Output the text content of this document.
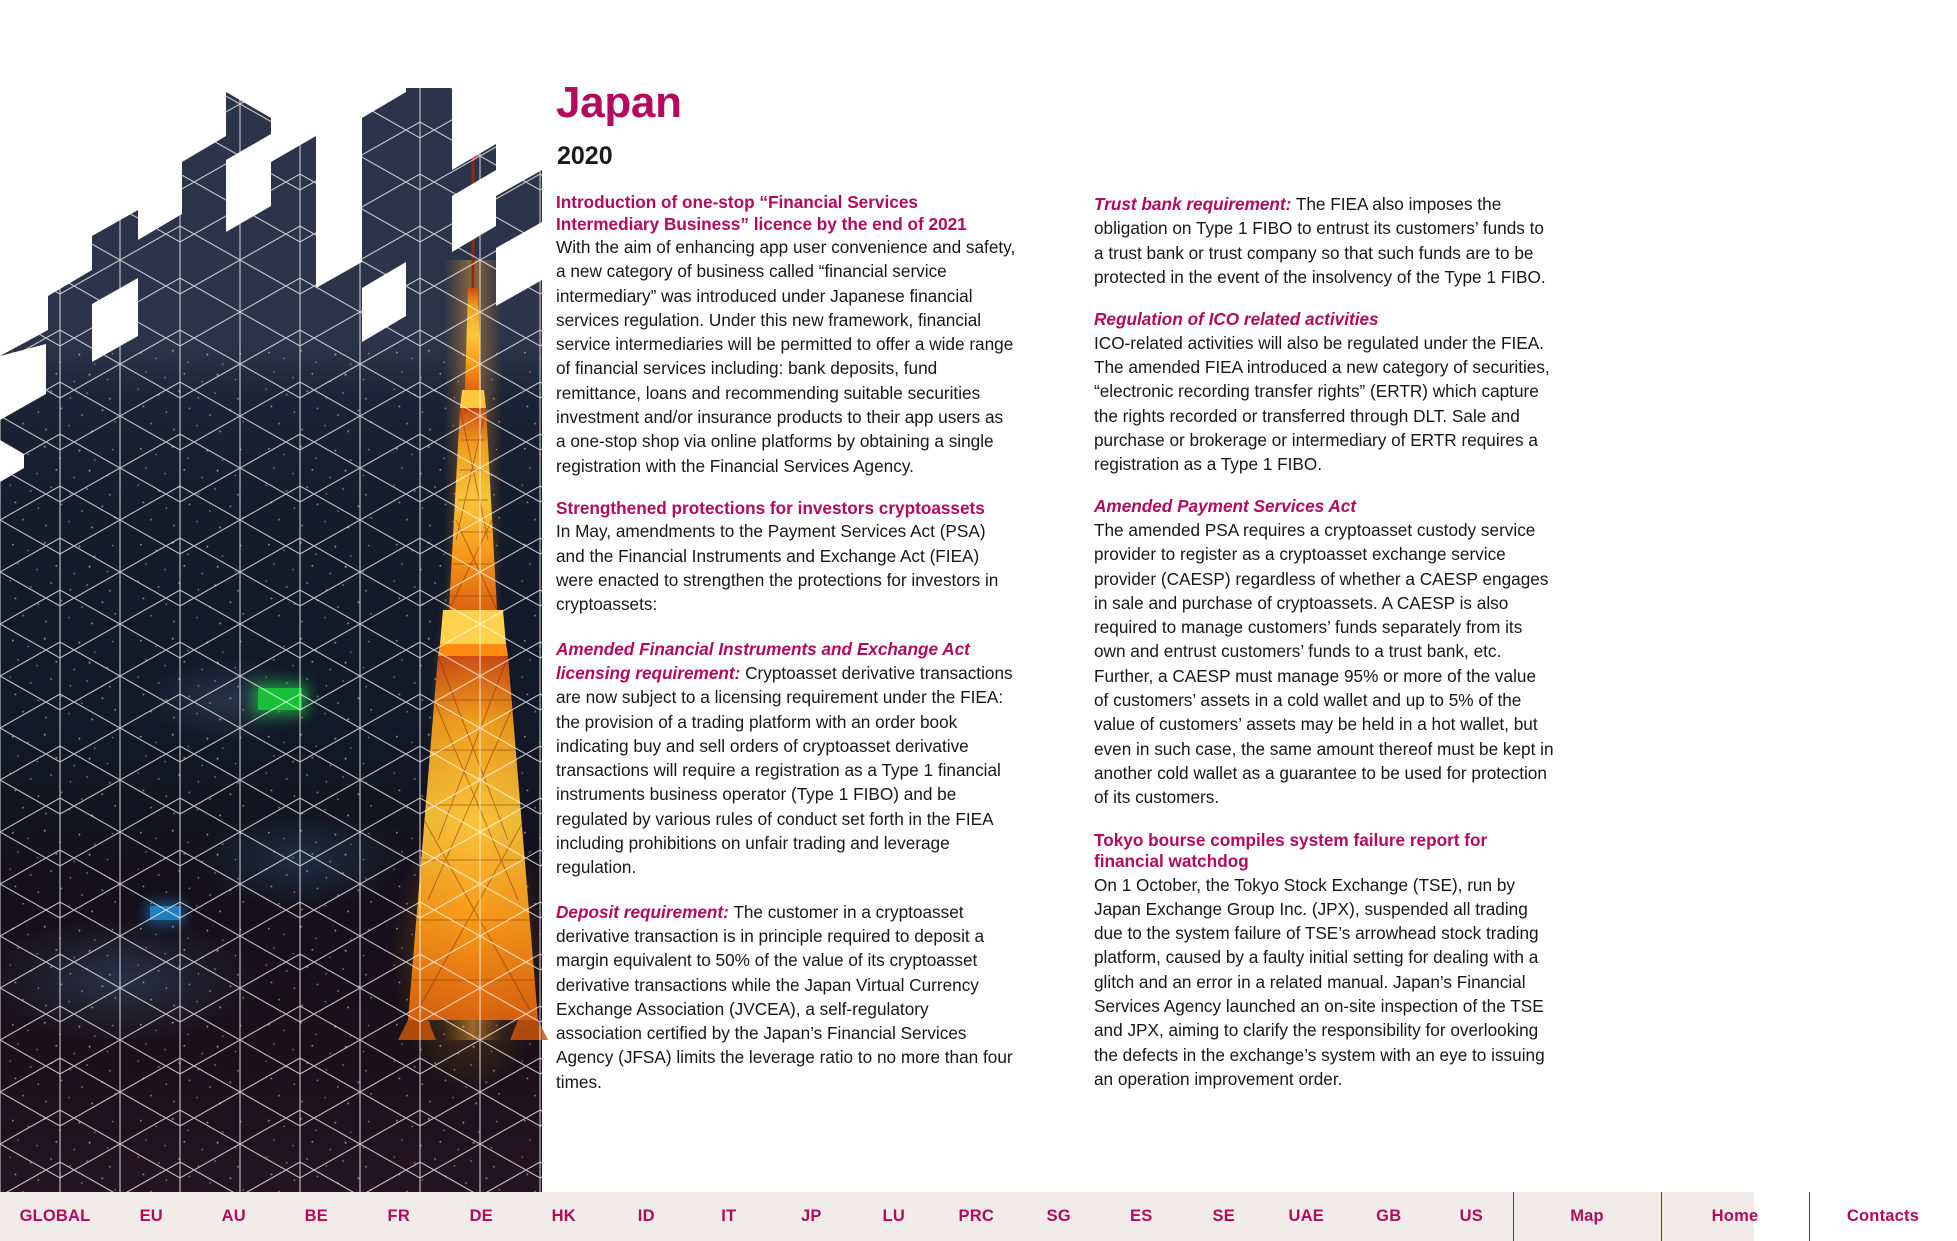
Japan
2020
Introduction of one-stop “Financial Services Intermediary Business” licence by the end of 2021

With the aim of enhancing app user convenience and safety, a new category of business called “financial service intermediary” was introduced under Japanese financial services regulation. Under this new framework, financial service intermediaries will be permitted to offer a wide range of financial services including: bank deposits, fund remittance, loans and recommending suitable securities investment and/or insurance products to their app users as a one-stop shop via online platforms by obtaining a single registration with the Financial Services Agency.

Strengthened protections for investors cryptoassets

In May, amendments to the Payment Services Act (PSA) and the Financial Instruments and Exchange Act (FIEA) were enacted to strengthen the protections for investors in cryptoassets:

Amended Financial Instruments and Exchange Act licensing requirement: Cryptoasset derivative transactions are now subject to a licensing requirement under the FIEA: the provision of a trading platform with an order book indicating buy and sell orders of cryptoasset derivative transactions will require a registration as a Type 1 financial instruments business operator (Type 1 FIBO) and be regulated by various rules of conduct set forth in the FIEA including prohibitions on unfair trading and leverage regulation.

Deposit requirement: The customer in a cryptoasset derivative transaction is in principle required to deposit a margin equivalent to 50% of the value of its cryptoasset derivative transactions while the Japan Virtual Currency Exchange Association (JVCEA), a self-regulatory association certified by the Japan’s Financial Services Agency (JFSA) limits the leverage ratio to no more than four times.

Trust bank requirement: The FIEA also imposes the obligation on Type 1 FIBO to entrust its customers’ funds to a trust bank or trust company so that such funds are to be protected in the event of the insolvency of the Type 1 FIBO.

Regulation of ICO related activities

ICO-related activities will also be regulated under the FIEA. The amended FIEA introduced a new category of securities, “electronic recording transfer rights” (ERTR) which capture the rights recorded or transferred through DLT. Sale and purchase or brokerage or intermediary of ERTR requires a registration as a Type 1 FIBO.

Amended Payment Services Act

The amended PSA requires a cryptoasset custody service provider to register as a cryptoasset exchange service provider (CAESP) regardless of whether a CAESP engages in sale and purchase of cryptoassets. A CAESP is also required to manage customers’ funds separately from its own and entrust customers’ funds to a trust bank, etc. Further, a CAESP must manage 95% or more of the value of customers’ assets in a cold wallet and up to 5% of the value of customers’ assets may be held in a hot wallet, but even in such case, the same amount thereof must be kept in another cold wallet as a guarantee to be used for protection of its customers.

Tokyo bourse compiles system failure report for financial watchdog

On 1 October, the Tokyo Stock Exchange (TSE), run by Japan Exchange Group Inc. (JPX), suspended all trading due to the system failure of TSE’s arrowhead stock trading platform, caused by a faulty initial setting for dealing with a glitch and an error in a related manual. Japan’s Financial Services Agency launched an on-site inspection of the TSE and JPX, aiming to clarify the responsibility for overlooking the defects in the exchange’s system with an eye to issuing an operation improvement order.

GLOBAL	EU	AU	BE	FR	DE	HK	ID	IT	JP	LU	PRC	SG	ES	SE	UAE	GB	US	Map	Home	Contacts
